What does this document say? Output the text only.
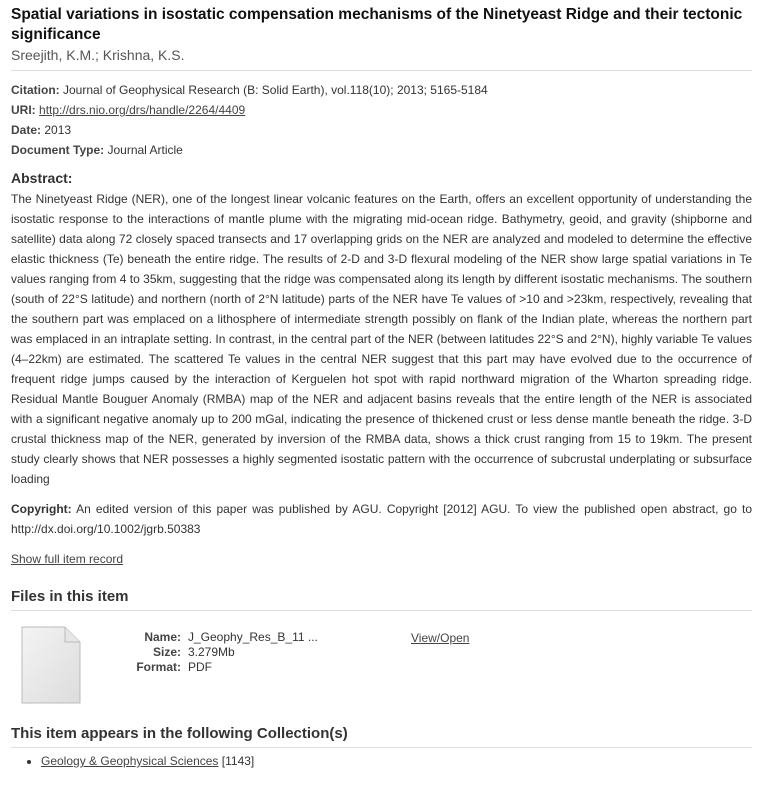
Spatial variations in isostatic compensation mechanisms of the Ninetyeast Ridge and their tectonic significance
Sreejith, K.M.; Krishna, K.S.
Citation: Journal of Geophysical Research (B: Solid Earth), vol.118(10); 2013; 5165-5184
URI: http://drs.nio.org/drs/handle/2264/4409
Date: 2013
Document Type: Journal Article
Abstract:

The Ninetyeast Ridge (NER), one of the longest linear volcanic features on the Earth, offers an excellent opportunity of understanding the isostatic response to the interactions of mantle plume with the migrating mid-ocean ridge. Bathymetry, geoid, and gravity (shipborne and satellite) data along 72 closely spaced transects and 17 overlapping grids on the NER are analyzed and modeled to determine the effective elastic thickness (Te) beneath the entire ridge. The results of 2-D and 3-D flexural modeling of the NER show large spatial variations in Te values ranging from 4 to 35km, suggesting that the ridge was compensated along its length by different isostatic mechanisms. The southern (south of 22°S latitude) and northern (north of 2°N latitude) parts of the NER have Te values of >10 and >23km, respectively, revealing that the southern part was emplaced on a lithosphere of intermediate strength possibly on flank of the Indian plate, whereas the northern part was emplaced in an intraplate setting. In contrast, in the central part of the NER (between latitudes 22°S and 2°N), highly variable Te values (4–22km) are estimated. The scattered Te values in the central NER suggest that this part may have evolved due to the occurrence of frequent ridge jumps caused by the interaction of Kerguelen hot spot with rapid northward migration of the Wharton spreading ridge. Residual Mantle Bouguer Anomaly (RMBA) map of the NER and adjacent basins reveals that the entire length of the NER is associated with a significant negative anomaly up to 200 mGal, indicating the presence of thickened crust or less dense mantle beneath the ridge. 3-D crustal thickness map of the NER, generated by inversion of the RMBA data, shows a thick crust ranging from 15 to 19km. The present study clearly shows that NER possesses a highly segmented isostatic pattern with the occurrence of subcrustal underplating or subsurface loading

Copyright: An edited version of this paper was published by AGU. Copyright [2012] AGU. To view the published open abstract, go to http://dx.doi.org/10.1002/jgrb.50383

Show full item record
Files in this item
Name: J_Geophy_Res_B_11 ...
Size: 3.279Mb
Format: PDF
View/Open
This item appears in the following Collection(s)
• Geology & Geophysical Sciences [1143]
